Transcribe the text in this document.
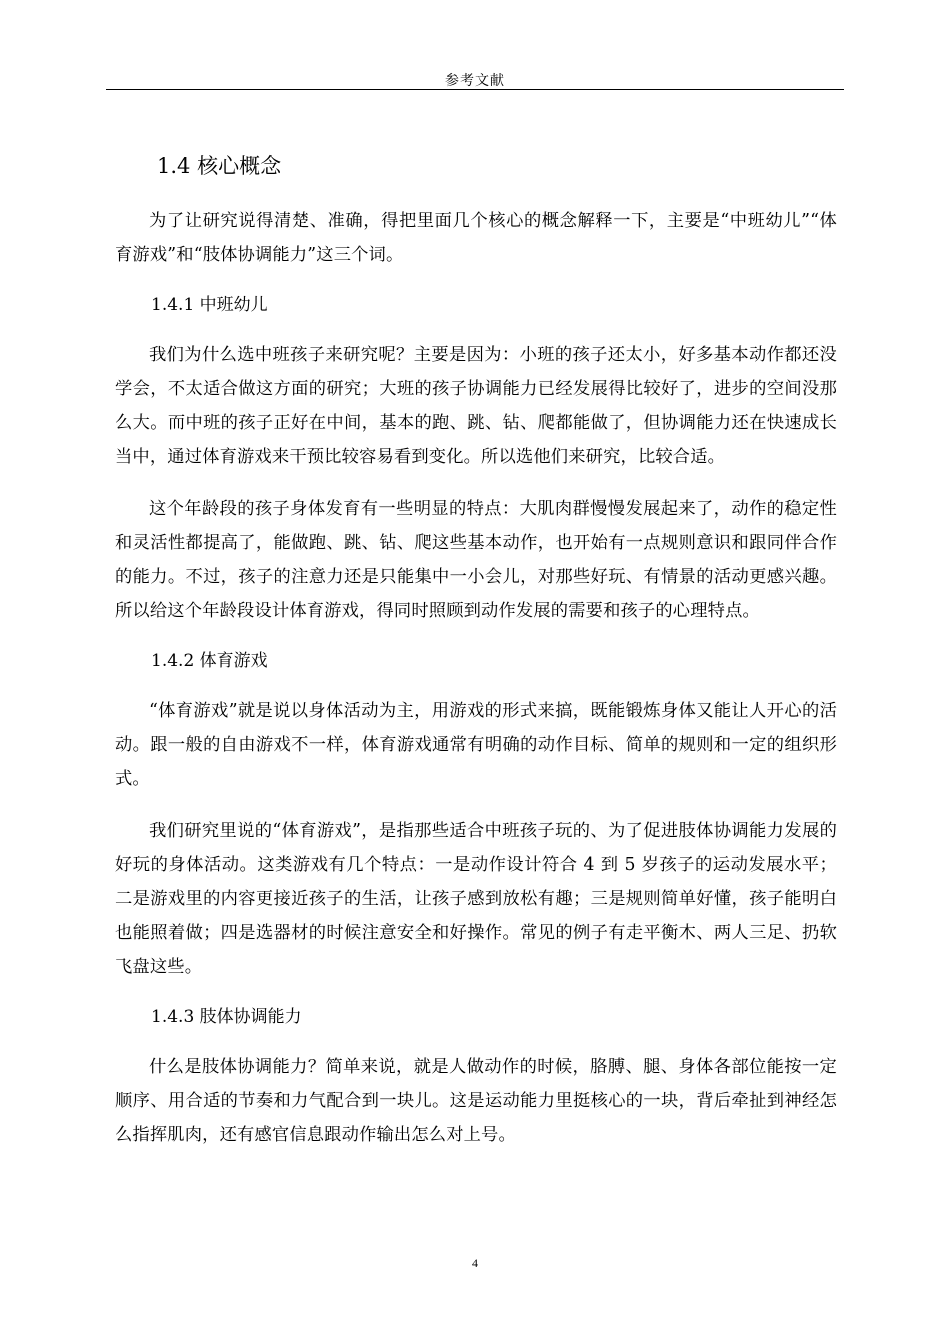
参考文献
1.4 核心概念

为了让研究说得清楚、准确，得把里面几个核心的概念解释一下，主要是“中班幼儿”“体育游戏”和“肢体协调能力”这三个词。

1.4.1 中班幼儿

我们为什么选中班孩子来研究呢？主要是因为：小班的孩子还太小，好多基本动作都还没学会，不太适合做这方面的研究；大班的孩子协调能力已经发展得比较好了，进步的空间没那么大。而中班的孩子正好在中间，基本的跑、跳、钻、爬都能做了，但协调能力还在快速成长当中，通过体育游戏来干预比较容易看到变化。所以选他们来研究，比较合适。

这个年龄段的孩子身体发育有一些明显的特点：大肌肉群慢慢发展起来了，动作的稳定性和灵活性都提高了，能做跑、跳、钻、爬这些基本动作，也开始有一点规则意识和跟同伴合作的能力。不过，孩子的注意力还是只能集中一小会儿，对那些好玩、有情景的活动更感兴趣。所以给这个年龄段设计体育游戏，得同时照顾到动作发展的需要和孩子的心理特点。

1.4.2 体育游戏

“体育游戏”就是说以身体活动为主，用游戏的形式来搞，既能锻炼身体又能让人开心的活动。跟一般的自由游戏不一样，体育游戏通常有明确的动作目标、简单的规则和一定的组织形式。

我们研究里说的“体育游戏”，是指那些适合中班孩子玩的、为了促进肢体协调能力发展的好玩的身体活动。这类游戏有几个特点：一是动作设计符合 4 到 5 岁孩子的运动发展水平；二是游戏里的内容更接近孩子的生活，让孩子感到放松有趣；三是规则简单好懂，孩子能明白也能照着做；四是选器材的时候注意安全和好操作。常见的例子有走平衡木、两人三足、扔软飞盘这些。

1.4.3 肢体协调能力

什么是肢体协调能力？简单来说，就是人做动作的时候，胳膊、腿、身体各部位能按一定顺序、用合适的节奏和力气配合到一块儿。这是运动能力里挺核心的一块，背后牵扯到神经怎么指挥肌肉，还有感官信息跟动作输出怎么对上号。

4
